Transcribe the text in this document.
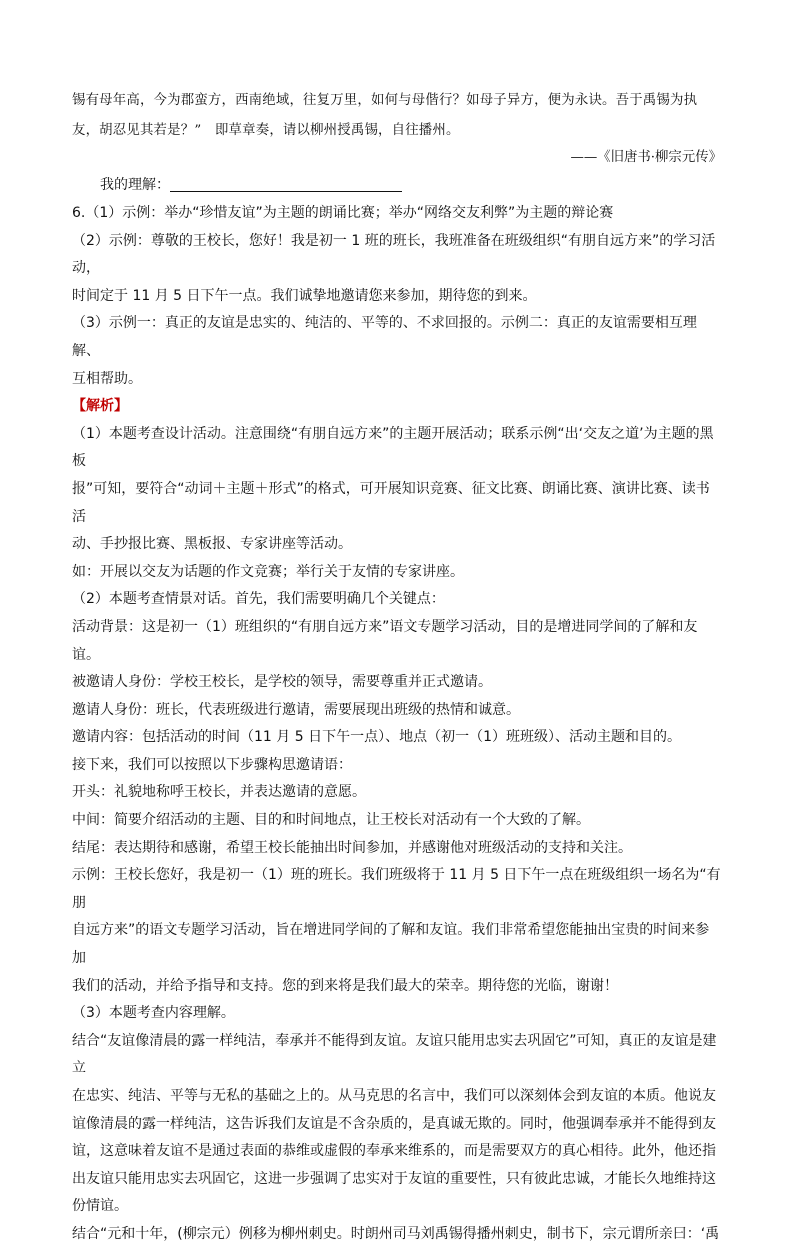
锡有母年高，今为郡蛮方，西南绝域，往复万里，如何与母偕行？如母子异方，便为永诀。吾于禹锡为执
友，胡忍见其若是？”　即草章奏，请以柳州授禹锡，自往播州。
——《旧唐书·柳宗元传》
我的理解：

6.（1）示例：举办“珍惜友谊”为主题的朗诵比赛；举办“网络交友利弊”为主题的辩论赛

（2）示例：尊敬的王校长，您好！我是初一 1 班的班长，我班准备在班级组织“有朋自远方来”的学习活动，

时间定于 11 月 5 日下午一点。我们诚挚地邀请您来参加，期待您的到来。

（3）示例一：真正的友谊是忠实的、纯洁的、平等的、不求回报的。示例二：真正的友谊需要相互理解、

互相帮助。

【解析】

（1）本题考查设计活动。注意围绕“有朋自远方来”的主题开展活动；联系示例“出‘交友之道’为主题的黑板

报”可知，要符合“动词＋主题＋形式”的格式，可开展知识竞赛、征文比赛、朗诵比赛、演讲比赛、读书活

动、手抄报比赛、黑板报、专家讲座等活动。

如：开展以交友为话题的作文竞赛；举行关于友情的专家讲座。

（2）本题考查情景对话。首先，我们需要明确几个关键点：

活动背景：这是初一（1）班组织的“有朋自远方来”语文专题学习活动，目的是增进同学间的了解和友谊。

被邀请人身份：学校王校长，是学校的领导，需要尊重并正式邀请。

邀请人身份：班长，代表班级进行邀请，需要展现出班级的热情和诚意。

邀请内容：包括活动的时间（11 月 5 日下午一点）、地点（初一（1）班班级）、活动主题和目的。

接下来，我们可以按照以下步骤构思邀请语：

开头：礼貌地称呼王校长，并表达邀请的意愿。

中间：简要介绍活动的主题、目的和时间地点，让王校长对活动有一个大致的了解。

结尾：表达期待和感谢，希望王校长能抽出时间参加，并感谢他对班级活动的支持和关注。

示例：王校长您好，我是初一（1）班的班长。我们班级将于 11 月 5 日下午一点在班级组织一场名为“有朋

自远方来”的语文专题学习活动，旨在增进同学间的了解和友谊。我们非常希望您能抽出宝贵的时间来参加

我们的活动，并给予指导和支持。您的到来将是我们最大的荣幸。期待您的光临，谢谢！

（3）本题考查内容理解。

结合“友谊像清晨的露一样纯洁，奉承并不能得到友谊。友谊只能用忠实去巩固它”可知，真正的友谊是建立

在忠实、纯洁、平等与无私的基础之上的。从马克思的名言中，我们可以深刻体会到友谊的本质。他说友

谊像清晨的露一样纯洁，这告诉我们友谊是不含杂质的，是真诚无欺的。同时，他强调奉承并不能得到友

谊，这意味着友谊不是通过表面的恭维或虚假的奉承来维系的，而是需要双方的真心相待。此外，他还指

出友谊只能用忠实去巩固它，这进一步强调了忠实对于友谊的重要性，只有彼此忠诚，才能长久地维持这

份情谊。

结合“元和十年，(柳宗元）例移为柳州刺史。时朗州司马刘禹锡得播州刺史，制书下，宗元谓所亲曰：‘禹
